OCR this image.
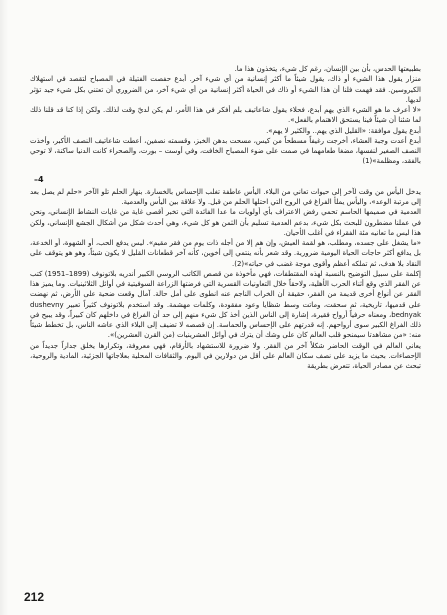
بطبيعتها الحدس، بأن بين الإنسان، رغم كل شيء، يتخذون هذا ما.

منزار يقول هذا الشيء أو ذاك، يقول شيئاً ما أكثر إنسانية من أي شيء آخر. أبدع حفصت الفتيلة في المصباح لتقصد في استهلاك الكيروسين. فقد فهمت فلنا أن هذا الشيء أو ذاك في الحياة أكثر إنسانية من أي شيء آخر، من الضروري أن تعتني بكل شيء جيد تؤثر لديها.

«لا أعرف ما هو الشيء الذي يهم أبدع، فحلاء يقول شاعاتيف بلم أفكر في هذا الأمر، لم يكن لديّ وقت لذلك. ولكن إذا كنا قد قلنا ذلك لما شئنا أن شيئاً فينا يستحق الاهتمام بالفعل».

أبدع يقول موافقة: «القليل الذي يهم.. والكثير لا يهم».

أبدع أعدت وجبة العشاء، أخرجت رغيفاً مسطحاً من كيس، مسحت بدهن الخبز، وقسمته نصفين، أعطت شاعاتيف النصف الأكبر، وأخذت النصف الصغير لنفسها، مضغا طعامهما في صمت على ضوء المصباح الخافت، وفي أوست – بورت، والصحراء كانت الدنيا ساكنة، لا توحي بالفقد، ومظلمة»(1)

4–

يدخل اليأس من وقت لآخر إلى حيوات تعاني من البلاء. اليأس عاطفة تغلب الإحساس بالخسارة. بنهار الحلم تلو الآخر «حلم لم يصل بعد إلى مرتبة الوعد»، واليأس يملأ الفراغ في الروح التي احتلها الحلم من قبل. ولا علاقة بين اليأس والعدمية.

العدمية في صميمها الحاسم تحمي رفض الاعتراف بأي أولويات ما عدا الفائدة التي تخبر أقصى غاية من غايات النشاط الإنساني، ونحن في عملنا مضطرون للبحث بكل شيء، بدعم العدمية تسليم بأن الثمن هو كل شيء، وهي أحدث شكل من أشكال الجشع الإنساني، ولكن هذا ليس ما تعانيه مئة الفقراء في أغلب الأحيان.

«ما يشغل على جسده، ومطلب، هو لقمة العيش، وإن هم إلا من أجله ذات يوم من فقر مقيم». ليس يدفع الحب، أو الشهوة، أو الخدعة، بل يدافع أكثر حاجات الحياة اليومية ضرورية. وقد شعر بأنه ينتمي إلى أخوين، كأنه آخر قطعانات القليل لا يكون شيئاً، وهو هو يتوقف على النقاد بلا هدف، ثم تملكه أعظم وأقوى موجة غضب في حياته»(2).

إكلمة على سبيل التوضيح بالنسبة لهذه المقتطفات، فهي مأخوذة من قصص الكاتب الروسي الكبير أندريه بلاتونوف (1899–1951) كتب عن الفقر الذي وقع أثناء الحرب الأهلية، ولاحقاً خلال التعاونيات القسرية التي فرضتها الزراعة السوفيتية في أوائل الثلاثينيات. وما يميز هذا الفقر عن أنواع أخرى قديمة من الفقر، حقيقة أن الخراب الناجم عنه انطوى على أمل حالة. آمال وقعت ضحية على الأرض، ثم نهضت على قدميها، تاريخية، ثم سحقت، وماتت وسط شظايا وعود مفقودة، وكلمات مهشمة. وقد استخدم بلاتونوف كثيراً تعبير dushevny bednyak، ومعناه حرفياً أرواح فقيرة، إشارة إلى الناس الذين أخذ كل شيء منهم إلى حد أن الفراغ في داخلهم كان كبيراً، وقد يبيح في ذلك الفراغ الكبير سوى أرواحهم. إنه قدرتهم على الإحساس والحماسة. إن قصصه لا تضيف إلى البلاء الذي عاشه الناس، بل تخطط شيئاً منه: «من مشاهدتا سيمنحو قلب العالم كان على وشك أن يترك في أوائل العشرينيات (من القرن العشرين)».

يعاني العالم في الوقت الحاضر شكلاً آخر من الفقر. ولا ضرورة للاستشهاد بالأرقام، فهي معروفة، وتكرارها يخلق جداراً جديداً من الإحصاءات. بحيث ما يزيد على نصف سكان العالم على أقل من دولارين في اليوم. والثقافات المحلية بعلاجاتها الجزئية، المادية والروحية، تبحث عن مصادر الحياة، تتعرض بطريقة

212
